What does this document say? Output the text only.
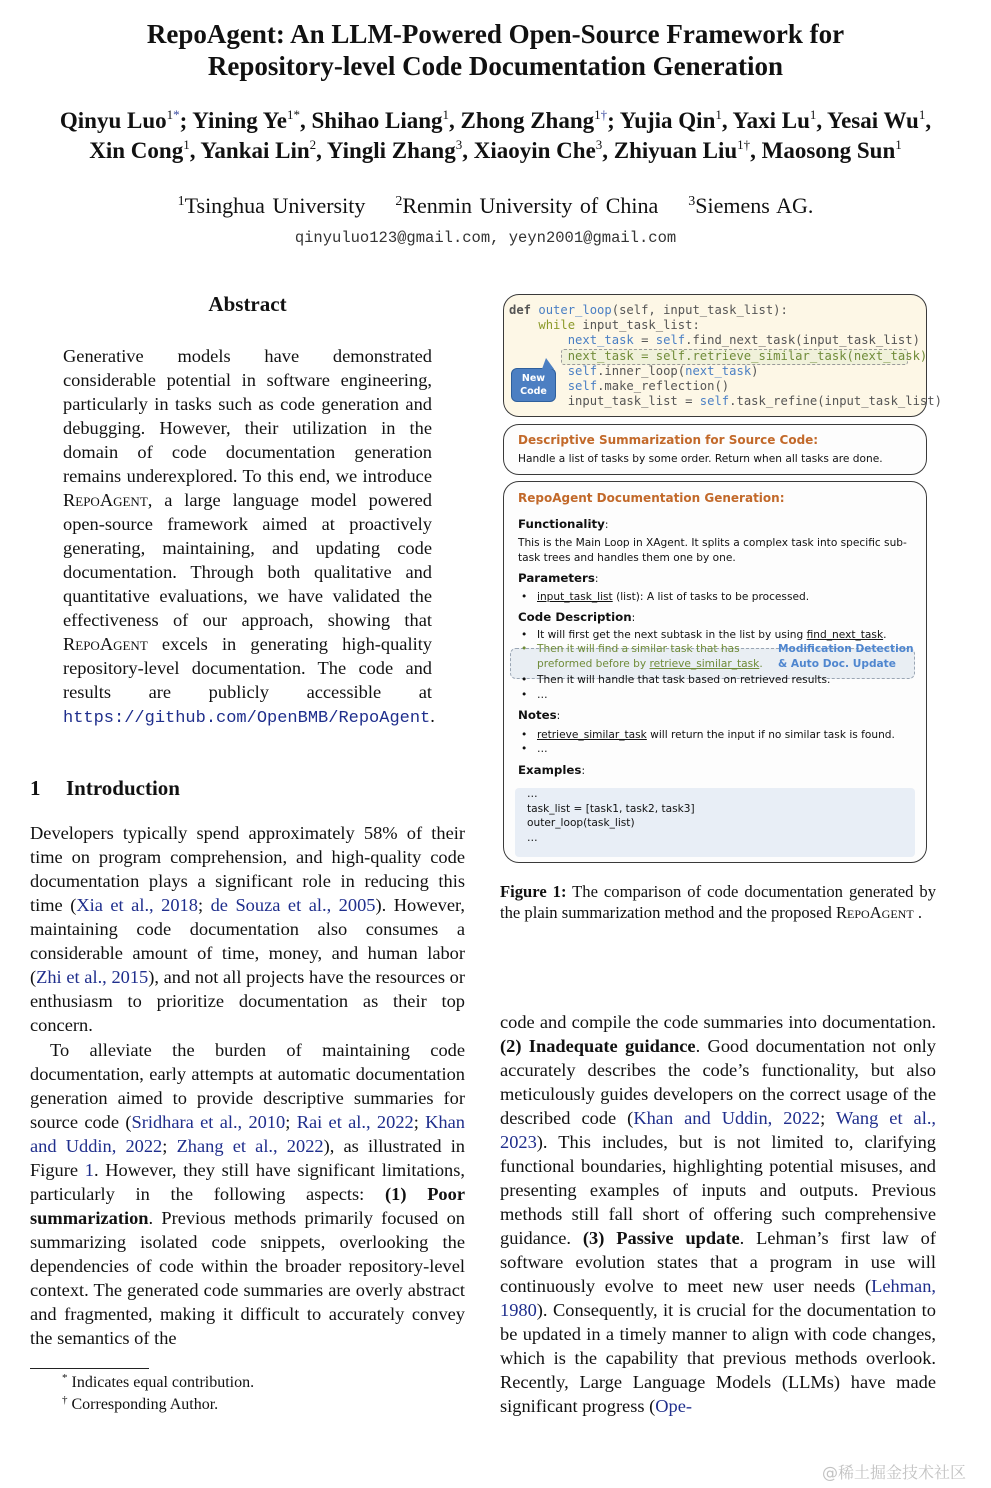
RepoAgent: An LLM-Powered Open-Source Framework for
Repository-level Code Documentation Generation
Qinyu Luo$^{1*}$; Yining $Ye^{1*}$, Shihao Liang$^1$, Zhong Zhang$^{1\dagger}$; Yujia Qin$^1$, Yaxi Lu$^1$, Yesai Wu$^1$,
Xin Cong$^1$, Yankai Lin$^2$, Yingli Zhang$^3$, Xiaoyin Che$^3$, Zhiyuan Liu$^{1\dagger}$, Maosong Sun$^1$
$^1$Tsinghua University $^2$Renmin University of China $^3$Siemens AG.
qinyuluo123@gmail.com, yeyn2001@gmail.com
Abstract
Generative models have demonstrated considerable potential in software engineering, particularly in tasks such as code generation and debugging. However, their utilization in the domain of code documentation generation remains underexplored. To this end, we introduce RepoAgent, a large language model powered open-source framework aimed at proactively generating, maintaining, and updating code documentation. Through both qualitative and quantitative evaluations, we have validated the effectiveness of our approach, showing that RepoAgent excels in generating high-quality repository-level documentation. The code and results are publicly accessible at https://github.com/OpenBMB/RepoAgent.
1 Introduction
Developers typically spend approximately 58% of their time on program comprehension, and high-quality code documentation plays a significant role in reducing this time (Xia et al., 2018; de Souza et al., 2005). However, maintaining code documentation also consumes a considerable amount of time, money, and human labor (Zhi et al., 2015), and not all projects have the resources or enthusiasm to prioritize documentation as their top concern.
To alleviate the burden of maintaining code documentation, early attempts at automatic documentation generation aimed to provide descriptive summaries for source code (Sridhara et al., 2010; Rai et al., 2022; Khan and Uddin, 2022; Zhang et al., 2022), as illustrated in Figure 1. However, they still have significant limitations, particularly in the following aspects: (1) Poor summarization. Previous methods primarily focused on summarizing isolated code snippets, overlooking the dependencies of code within the broader repository-level context. The generated code summaries are overly abstract and fragmented, making it difficult to accurately convey the semantics of the
* Indicates equal contribution.
† Corresponding Author.
def outer_loop(self, input_task_list):
while input_task_list:
next_task = self.find_next_task(input_task_list)
next_task = self.retrieve_similar_task(next_task)
self.inner_loop(next_task)
self.make_reflection()
input_task_list = self.task_refine(input_task_list)
New
Code
Descriptive Summarization for Source Code:
Handle a list of tasks by some order. Return when all tasks are done.
RepoAgent Documentation Generation:
Functionality:
This is the Main Loop in XAgent. It splits a complex task into specific sub-task trees and handles them one by one.
Parameters:
• input_task_list (list): A list of tasks to be processed.
Code Description:
• It will first get the next subtask in the list by using find_next_task.
• Then it will find a similar task that has
preformed before by retrieve_similar_task.
Modification Detection
& Auto Doc. Update
• Then it will handle that task based on retrieved results.
• …
Notes:
• retrieve_similar_task will return the input if no similar task is found.
• …
Examples:
…
task_list = [task1, task2, task3]
outer_loop(task_list)
…
Figure 1: The comparison of code documentation generated by the plain summarization method and the proposed RepoAgent .
code and compile the code summaries into documentation. (2) Inadequate guidance. Good documentation not only accurately describes the code’s functionality, but also meticulously guides developers on the correct usage of the described code (Khan and Uddin, 2022; Wang et al., 2023). This includes, but is not limited to, clarifying functional boundaries, highlighting potential misuses, and presenting examples of inputs and outputs. Previous methods still fall short of offering such comprehensive guidance. (3) Passive update. Lehman’s first law of software evolution states that a program in use will continuously evolve to meet new user needs (Lehman, 1980). Consequently, it is crucial for the documentation to be updated in a timely manner to align with code changes, which is the capability that previous methods overlook. Recently, Large Language Models (LLMs) have made significant progress (Ope-
@稀土掘金技术社区
